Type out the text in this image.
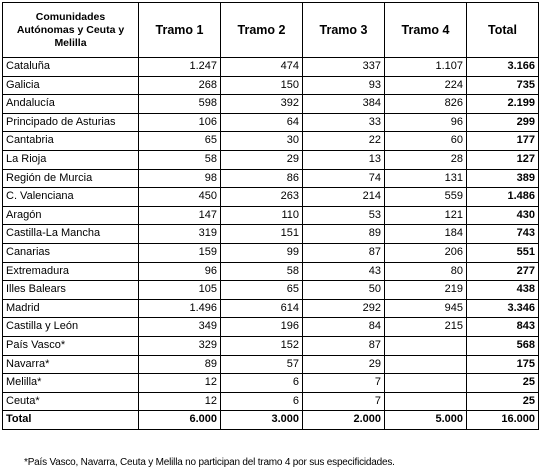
Comunidades Autónomas y Ceuta y Melilla	Tramo 1	Tramo 2	Tramo 3	Tramo 4	Total
Cataluña	1.247	474	337	1.107	3.166
Galicia	268	150	93	224	735
Andalucía	598	392	384	826	2.199
Principado de Asturias	106	64	33	96	299
Cantabria	65	30	22	60	177
La Rioja	58	29	13	28	127
Región de Murcia	98	86	74	131	389
C. Valenciana	450	263	214	559	1.486
Aragón	147	110	53	121	430
Castilla-La Mancha	319	151	89	184	743
Canarias	159	99	87	206	551
Extremadura	96	58	43	80	277
Illes Balears	105	65	50	219	438
Madrid	1.496	614	292	945	3.346
Castilla y León	349	196	84	215	843
País Vasco*	329	152	87		568
Navarra*	89	57	29		175
Melilla*	12	6	7		25
Ceuta*	12	6	7		25
Total	6.000	3.000	2.000	5.000	16.000
*País Vasco, Navarra, Ceuta y Melilla no participan del tramo 4 por sus especificidades.
